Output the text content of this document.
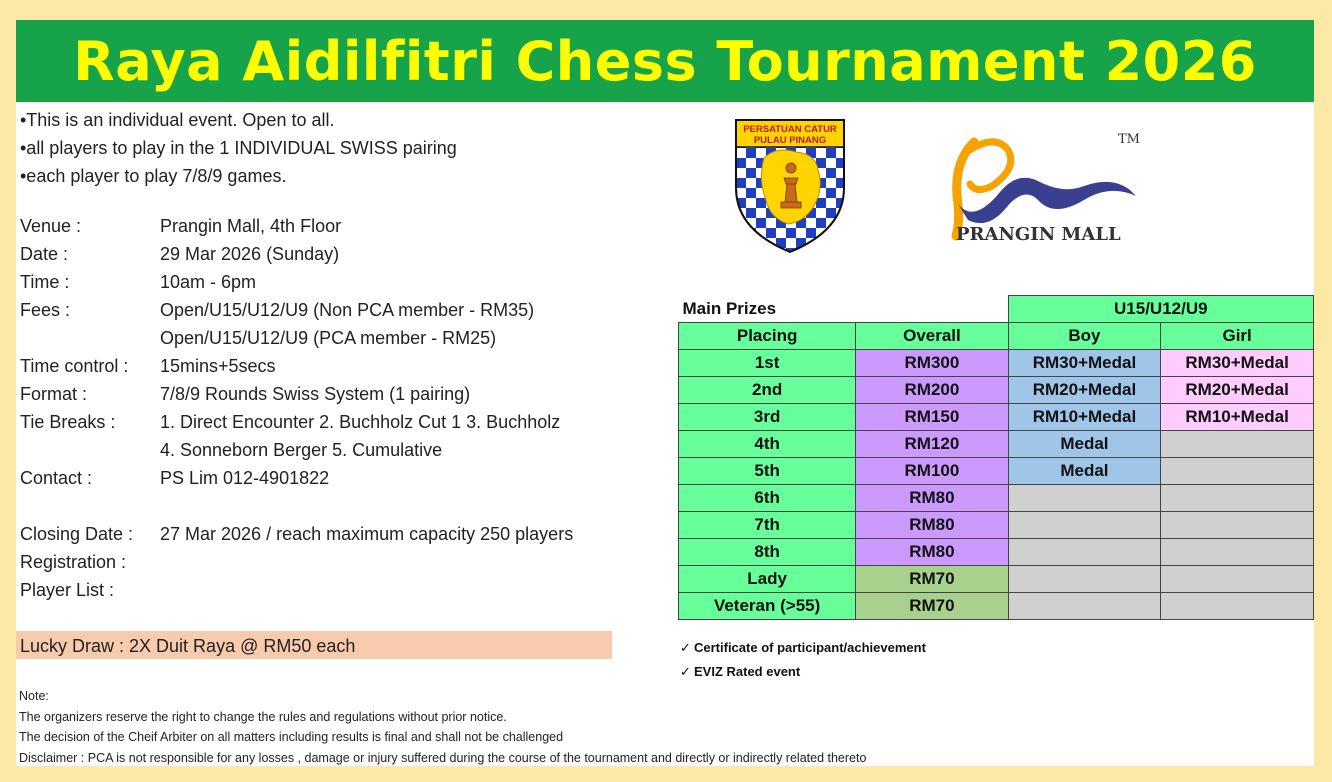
Raya Aidilfitri Chess Tournament 2026
•This is an individual event. Open to all.
•all players to play in the 1 INDIVIDUAL SWISS pairing
•each player to play 7/8/9 games.
Venue :	Prangin Mall, 4th Floor
Date :	29 Mar 2026 (Sunday)
Time :	10am - 6pm
Fees :	Open/U15/U12/U9 (Non PCA member - RM35)
Open/U15/U12/U9 (PCA member - RM25)
Time control :	15mins+5secs
Format :	7/8/9 Rounds Swiss System (1 pairing)
Tie Breaks :	1. Direct Encounter 2. Buchholz Cut 1 3. Buchholz
4. Sonneborn Berger 5. Cumulative
Contact :	PS Lim 012-4901822
Closing Date :	27 Mar 2026 / reach maximum capacity 250 players
Registration :
Player List :
Lucky Draw : 2X Duit Raya @ RM50 each
Note:
The organizers reserve the right to change the rules and regulations without prior notice.
The decision of the Cheif Arbiter on all matters including results is final and shall not be challenged
Disclaimer : PCA is not responsible for any losses , damage or injury suffered during the course of the tournament and directly or indirectly related thereto
PERSATUAN CATUR
PULAU PINANG	TM
PRANGIN MALL
Main Prizes		U15/U12/U9	
Placing	Overall	Boy	Girl
1st	RM300	RM30+Medal	RM30+Medal
2nd	RM200	RM20+Medal	RM20+Medal
3rd	RM150	RM10+Medal	RM10+Medal
4th	RM120	Medal	
5th	RM100	Medal	
6th	RM80		
7th	RM80		
8th	RM80		
Lady	RM70		
Veteran (>55)	RM70		
✓ Certificate of participant/achievement
✓ EVIZ Rated event
